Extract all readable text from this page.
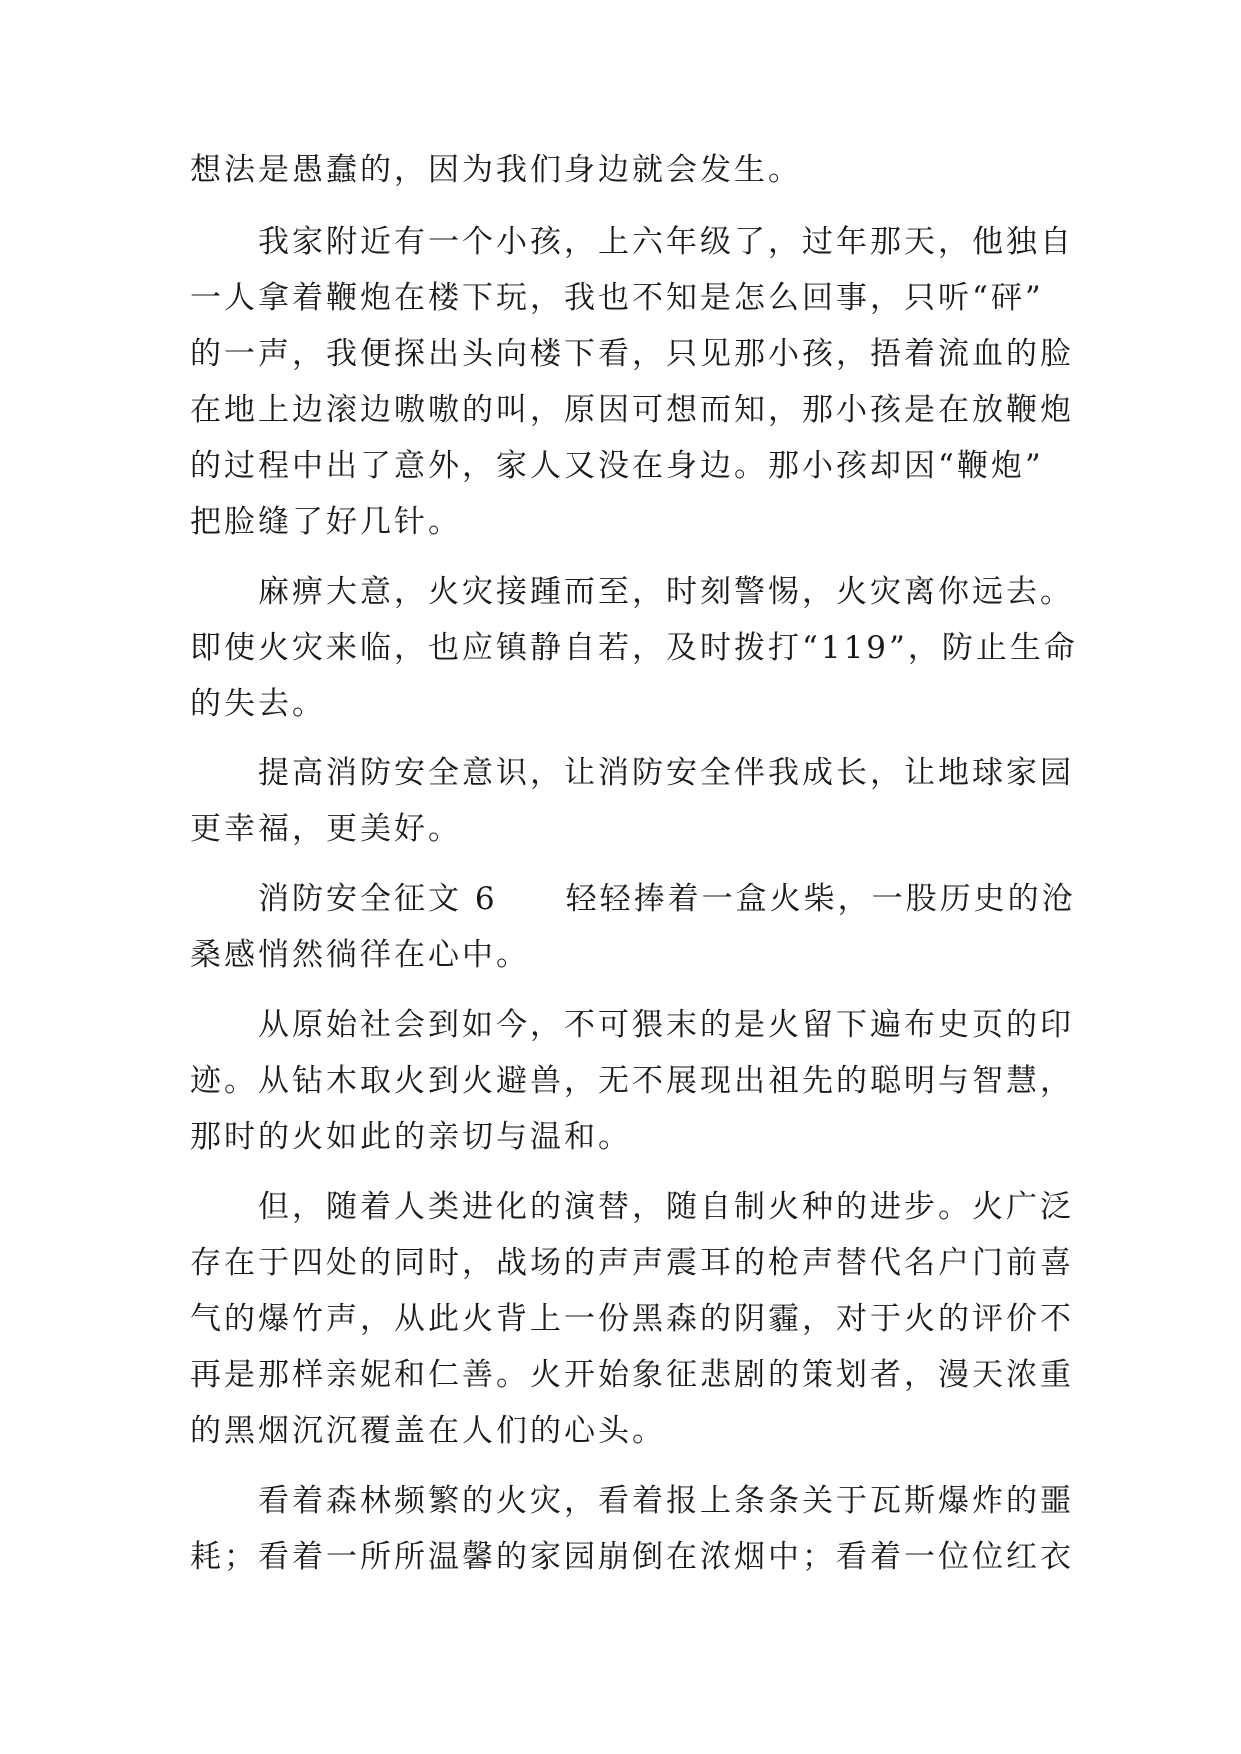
想法是愚蠢的，因为我们身边就会发生。
　　我家附近有一个小孩，上六年级了，过年那天，他独自
一人拿着鞭炮在楼下玩，我也不知是怎么回事，只听“砰”
的一声，我便探出头向楼下看，只见那小孩，捂着流血的脸
在地上边滚边嗷嗷的叫，原因可想而知，那小孩是在放鞭炮
的过程中出了意外，家人又没在身边。那小孩却因“鞭炮”
把脸缝了好几针。
　　麻痹大意，火灾接踵而至，时刻警惕，火灾离你远去。
即使火灾来临，也应镇静自若，及时拨打“119”，防止生命
的失去。
　　提高消防安全意识，让消防安全伴我成长，让地球家园
更幸福，更美好。
　　消防安全征文 6　　轻轻捧着一盒火柴，一股历史的沧
桑感悄然徜徉在心中。
　　从原始社会到如今，不可猥末的是火留下遍布史页的印
迹。从钻木取火到火避兽，无不展现出祖先的聪明与智慧，
那时的火如此的亲切与温和。
　　但，随着人类进化的演替，随自制火种的进步。火广泛
存在于四处的同时，战场的声声震耳的枪声替代名户门前喜
气的爆竹声，从此火背上一份黑森的阴霾，对于火的评价不
再是那样亲妮和仁善。火开始象征悲剧的策划者，漫天浓重
的黑烟沉沉覆盖在人们的心头。
　　看着森林频繁的火灾，看着报上条条关于瓦斯爆炸的噩
耗；看着一所所温馨的家园崩倒在浓烟中；看着一位位红衣
